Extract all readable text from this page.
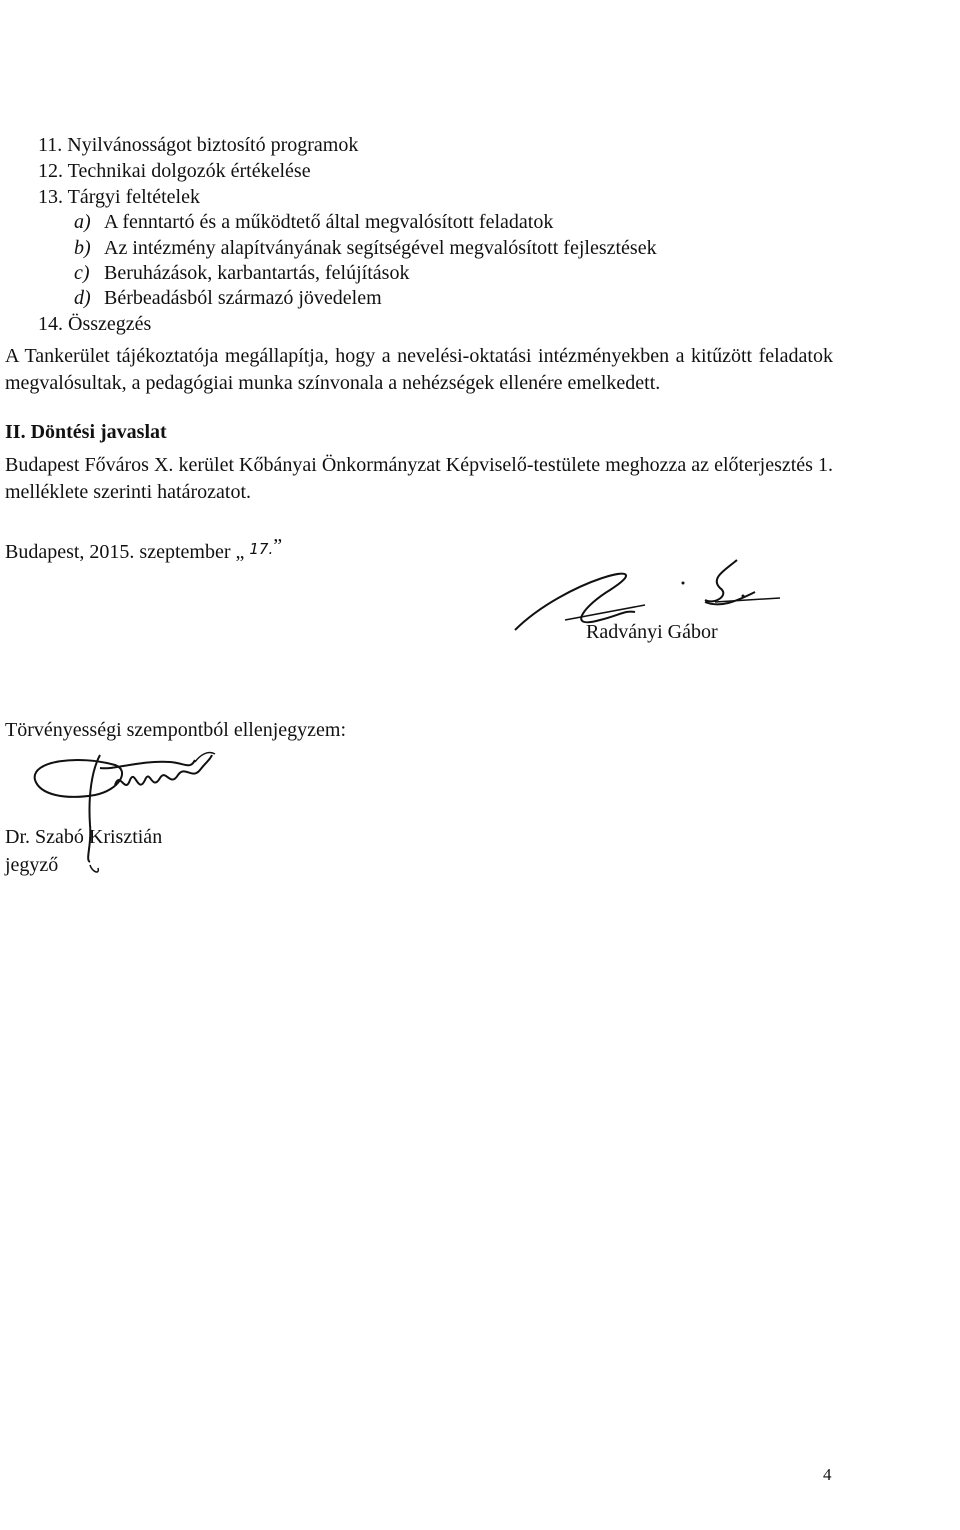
11. Nyilvánosságot biztosító programok
12. Technikai dolgozók értékelése
13. Tárgyi feltételek
a) A fenntartó és a működtető által megvalósított feladatok
b) Az intézmény alapítványának segítségével megvalósított fejlesztések
c) Beruházások, karbantartás, felújítások
d) Bérbeadásból származó jövedelem
14. Összegzés
A Tankerület tájékoztatója megállapítja, hogy a nevelési-oktatási intézményekben a kitűzött feladatok megvalósultak, a pedagógiai munka színvonala a nehézségek ellenére emelkedett.
II. Döntési javaslat
Budapest Főváros X. kerület Kőbányai Önkormányzat Képviselő-testülete meghozza az előterjesztés 1. melléklete szerinti határozatot.
Budapest, 2015. szeptember „ $^{17.}$”
Radványi Gábor
Törvényességi szempontból ellenjegyzem:
Dr. Szabó Krisztián
jegyző
4
